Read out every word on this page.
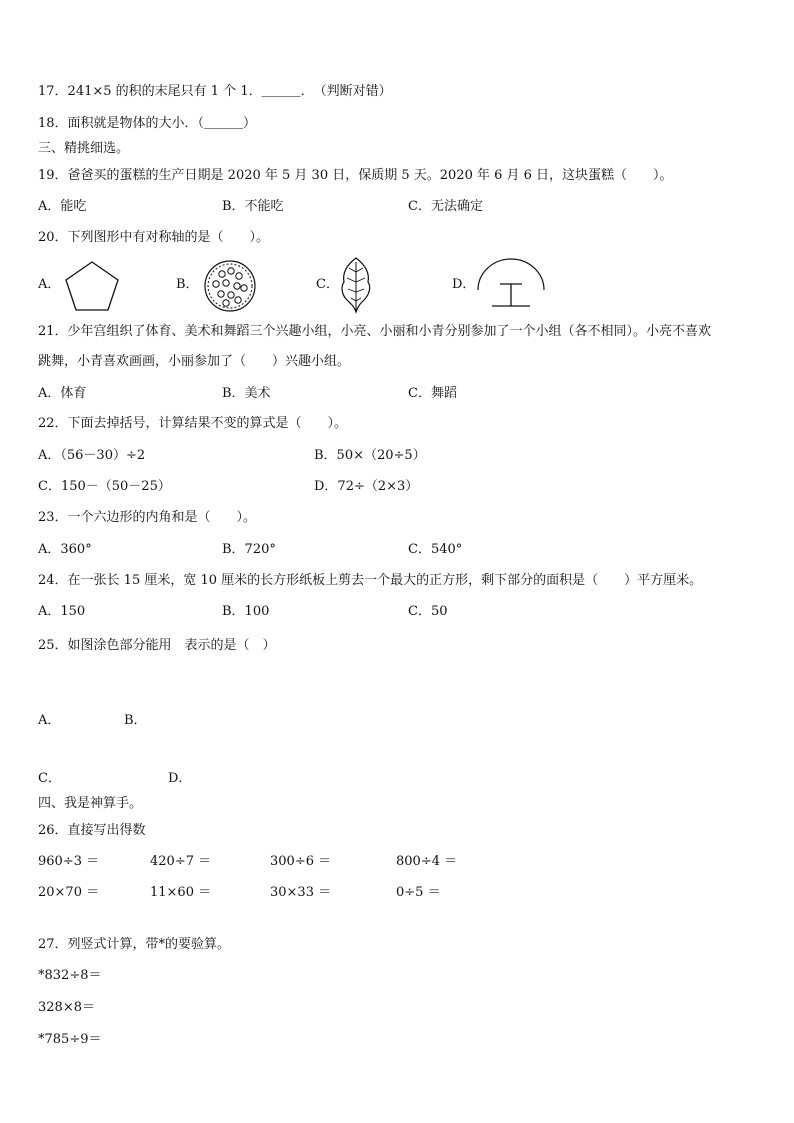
17．241×5 的积的末尾只有 1 个 1．＿＿＿．　（判断对错）
18．面积就是物体的大小．（＿＿＿）
三、精挑细选。
19．爸爸买的蛋糕的生产日期是 2020 年 5 月 30 日，保质期 5 天。2020 年 6 月 6 日，这块蛋糕（　　）。
A．能吃	B．不能吃	C．无法确定
20．下列图形中有对称轴的是（　　）。
A．	B．	C．	D．
21．少年宫组织了体育、美术和舞蹈三个兴趣小组，小亮、小丽和小青分别参加了一个小组（各不相同）。小亮不喜欢
跳舞，小青喜欢画画，小丽参加了（　　）兴趣小组。
A．体育	B．美术	C．舞蹈
22．下面去掉括号，计算结果不变的算式是（　　）。
A．（56－30）÷2	B．50×（20÷5）
C．150－（50－25）	D．72÷（2×3）
23．一个六边形的内角和是（　　）。
A．360°	B．720°	C．540°
24．在一张长 15 厘米，宽 10 厘米的长方形纸板上剪去一个最大的正方形，剩下部分的面积是（　　）平方厘米。
A．150	B．100	C．50
25．如图涂色部分能用　表示的是（　）
A．	B．
C．	D．
四、我是神算手。
26．直接写出得数
960÷3 ＝	420÷7 ＝	300÷6 ＝	800÷4 ＝
20×70 ＝	11×60 ＝	30×33 ＝	0÷5 ＝
27．列竖式计算，带*的要验算。
*832÷8＝
328×8＝
*785÷9＝
